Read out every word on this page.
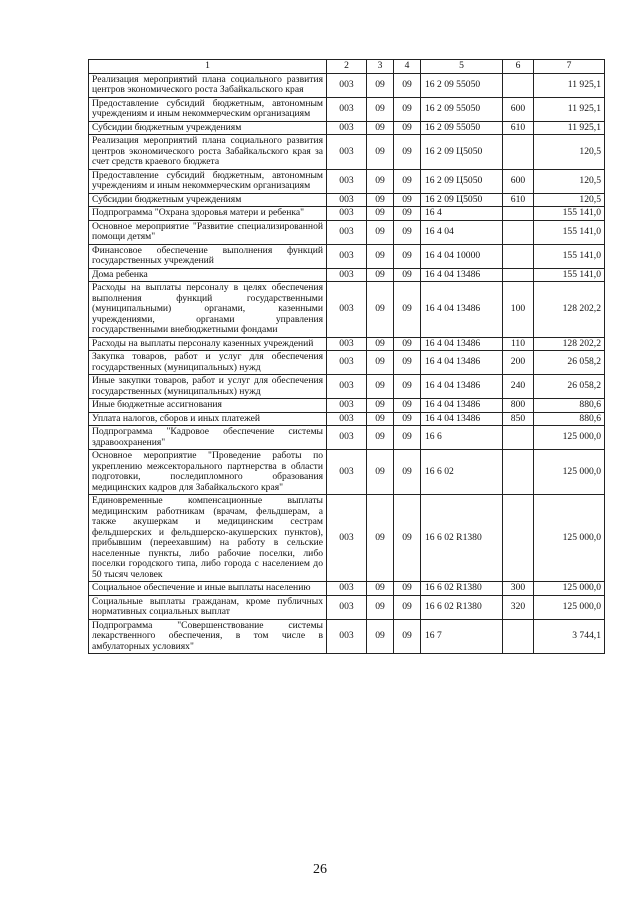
1	2	3	4	5	6	7
Реализация мероприятий плана социального развития центров экономического роста Забайкальского края	003	09	09	16 2 09 55050		11 925,1
Предоставление субсидий бюджетным, автономным учреждениям и иным некоммерческим организациям	003	09	09	16 2 09 55050	600	11 925,1
Субсидии бюджетным учреждениям	003	09	09	16 2 09 55050	610	11 925,1
Реализация мероприятий плана социального развития центров экономического роста Забайкальского края за счет средств краевого бюджета	003	09	09	16 2 09 Ц5050		120,5
Предоставление субсидий бюджетным, автономным учреждениям и иным некоммерческим организациям	003	09	09	16 2 09 Ц5050	600	120,5
Субсидии бюджетным учреждениям	003	09	09	16 2 09 Ц5050	610	120,5
Подпрограмма "Охрана здоровья матери и ребенка"	003	09	09	16 4		155 141,0
Основное мероприятие "Развитие специализированной помощи детям"	003	09	09	16 4 04		155 141,0
Финансовое обеспечение выполнения функций государственных учреждений	003	09	09	16 4 04 10000		155 141,0
Дома ребенка	003	09	09	16 4 04 13486		155 141,0
Расходы на выплаты персоналу в целях обеспечения выполнения функций государственными (муниципальными) органами, казенными учреждениями, органами управления государственными внебюджетными фондами	003	09	09	16 4 04 13486	100	128 202,2
Расходы на выплаты персоналу казенных учреждений	003	09	09	16 4 04 13486	110	128 202,2
Закупка товаров, работ и услуг для обеспечения государственных (муниципальных) нужд	003	09	09	16 4 04 13486	200	26 058,2
Иные закупки товаров, работ и услуг для обеспечения государственных (муниципальных) нужд	003	09	09	16 4 04 13486	240	26 058,2
Иные бюджетные ассигнования	003	09	09	16 4 04 13486	800	880,6
Уплата налогов, сборов и иных платежей	003	09	09	16 4 04 13486	850	880,6
Подпрограмма "Кадровое обеспечение системы здравоохранения"	003	09	09	16 6		125 000,0
Основное мероприятие "Проведение работы по укреплению межсекторального партнерства в области подготовки, последипломного образования медицинских кадров для Забайкальского края"	003	09	09	16 6 02		125 000,0
Единовременные компенсационные выплаты медицинским работникам (врачам, фельдшерам, а также акушеркам и медицинским сестрам фельдшерских и фельдшерско-акушерских пунктов), прибывшим (переехавшим) на работу в сельские населенные пункты, либо рабочие поселки, либо поселки городского типа, либо города с населением до 50 тысяч человек	003	09	09	16 6 02 R1380		125 000,0
Социальное обеспечение и иные выплаты населению	003	09	09	16 6 02 R1380	300	125 000,0
Социальные выплаты гражданам, кроме публичных нормативных социальных выплат	003	09	09	16 6 02 R1380	320	125 000,0
Подпрограмма "Совершенствование системы лекарственного обеспечения, в том числе в амбулаторных условиях"	003	09	09	16 7		3 744,1
26
